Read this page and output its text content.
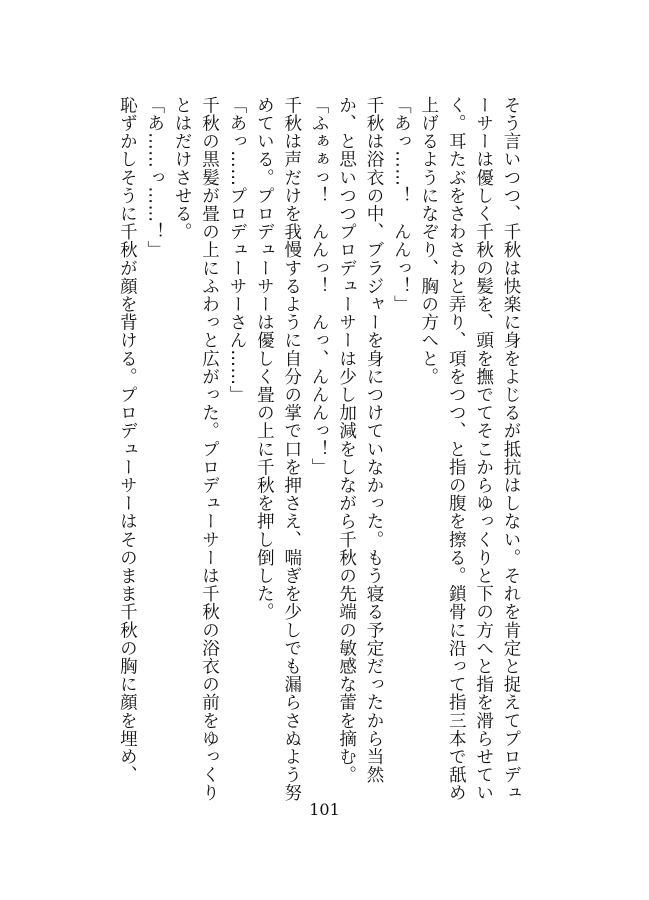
そう言いつつ、千秋は快楽に身をよじるが抵抗はしない。それを肯定と捉えてプロデューサーは優しく千秋の髪を、頭を撫でてそこからゆっくりと下の方へと指を滑らせていく。耳たぶをさわさわと弄り、項をつつ、と指の腹を擦る。鎖骨に沿って指三本で舐め上げるようになぞり、胸の方へと。

「あっ……！　んんっ！」

千秋は浴衣の中、ブラジャーを身につけていなかった。もう寝る予定だったから当然か、と思いつつプロデューサーは少し加減をしながら千秋の先端の敏感な蕾を摘む。

「ふぁぁっ！　んんっ！　んっ、んんんっ！」

千秋は声だけを我慢するように自分の掌で口を押さえ、喘ぎを少しでも漏らさぬよう努めている。プロデューサーは優しく畳の上に千秋を押し倒した。

「あっ……プロデューサーさん……」

千秋の黒髪が畳の上にふわっと広がった。プロデューサーは千秋の浴衣の前をゆっくりとはだけさせる。

「あ……っ……！」

恥ずかしそうに千秋が顔を背ける。プロデューサーはそのまま千秋の胸に顔を埋め、

101
